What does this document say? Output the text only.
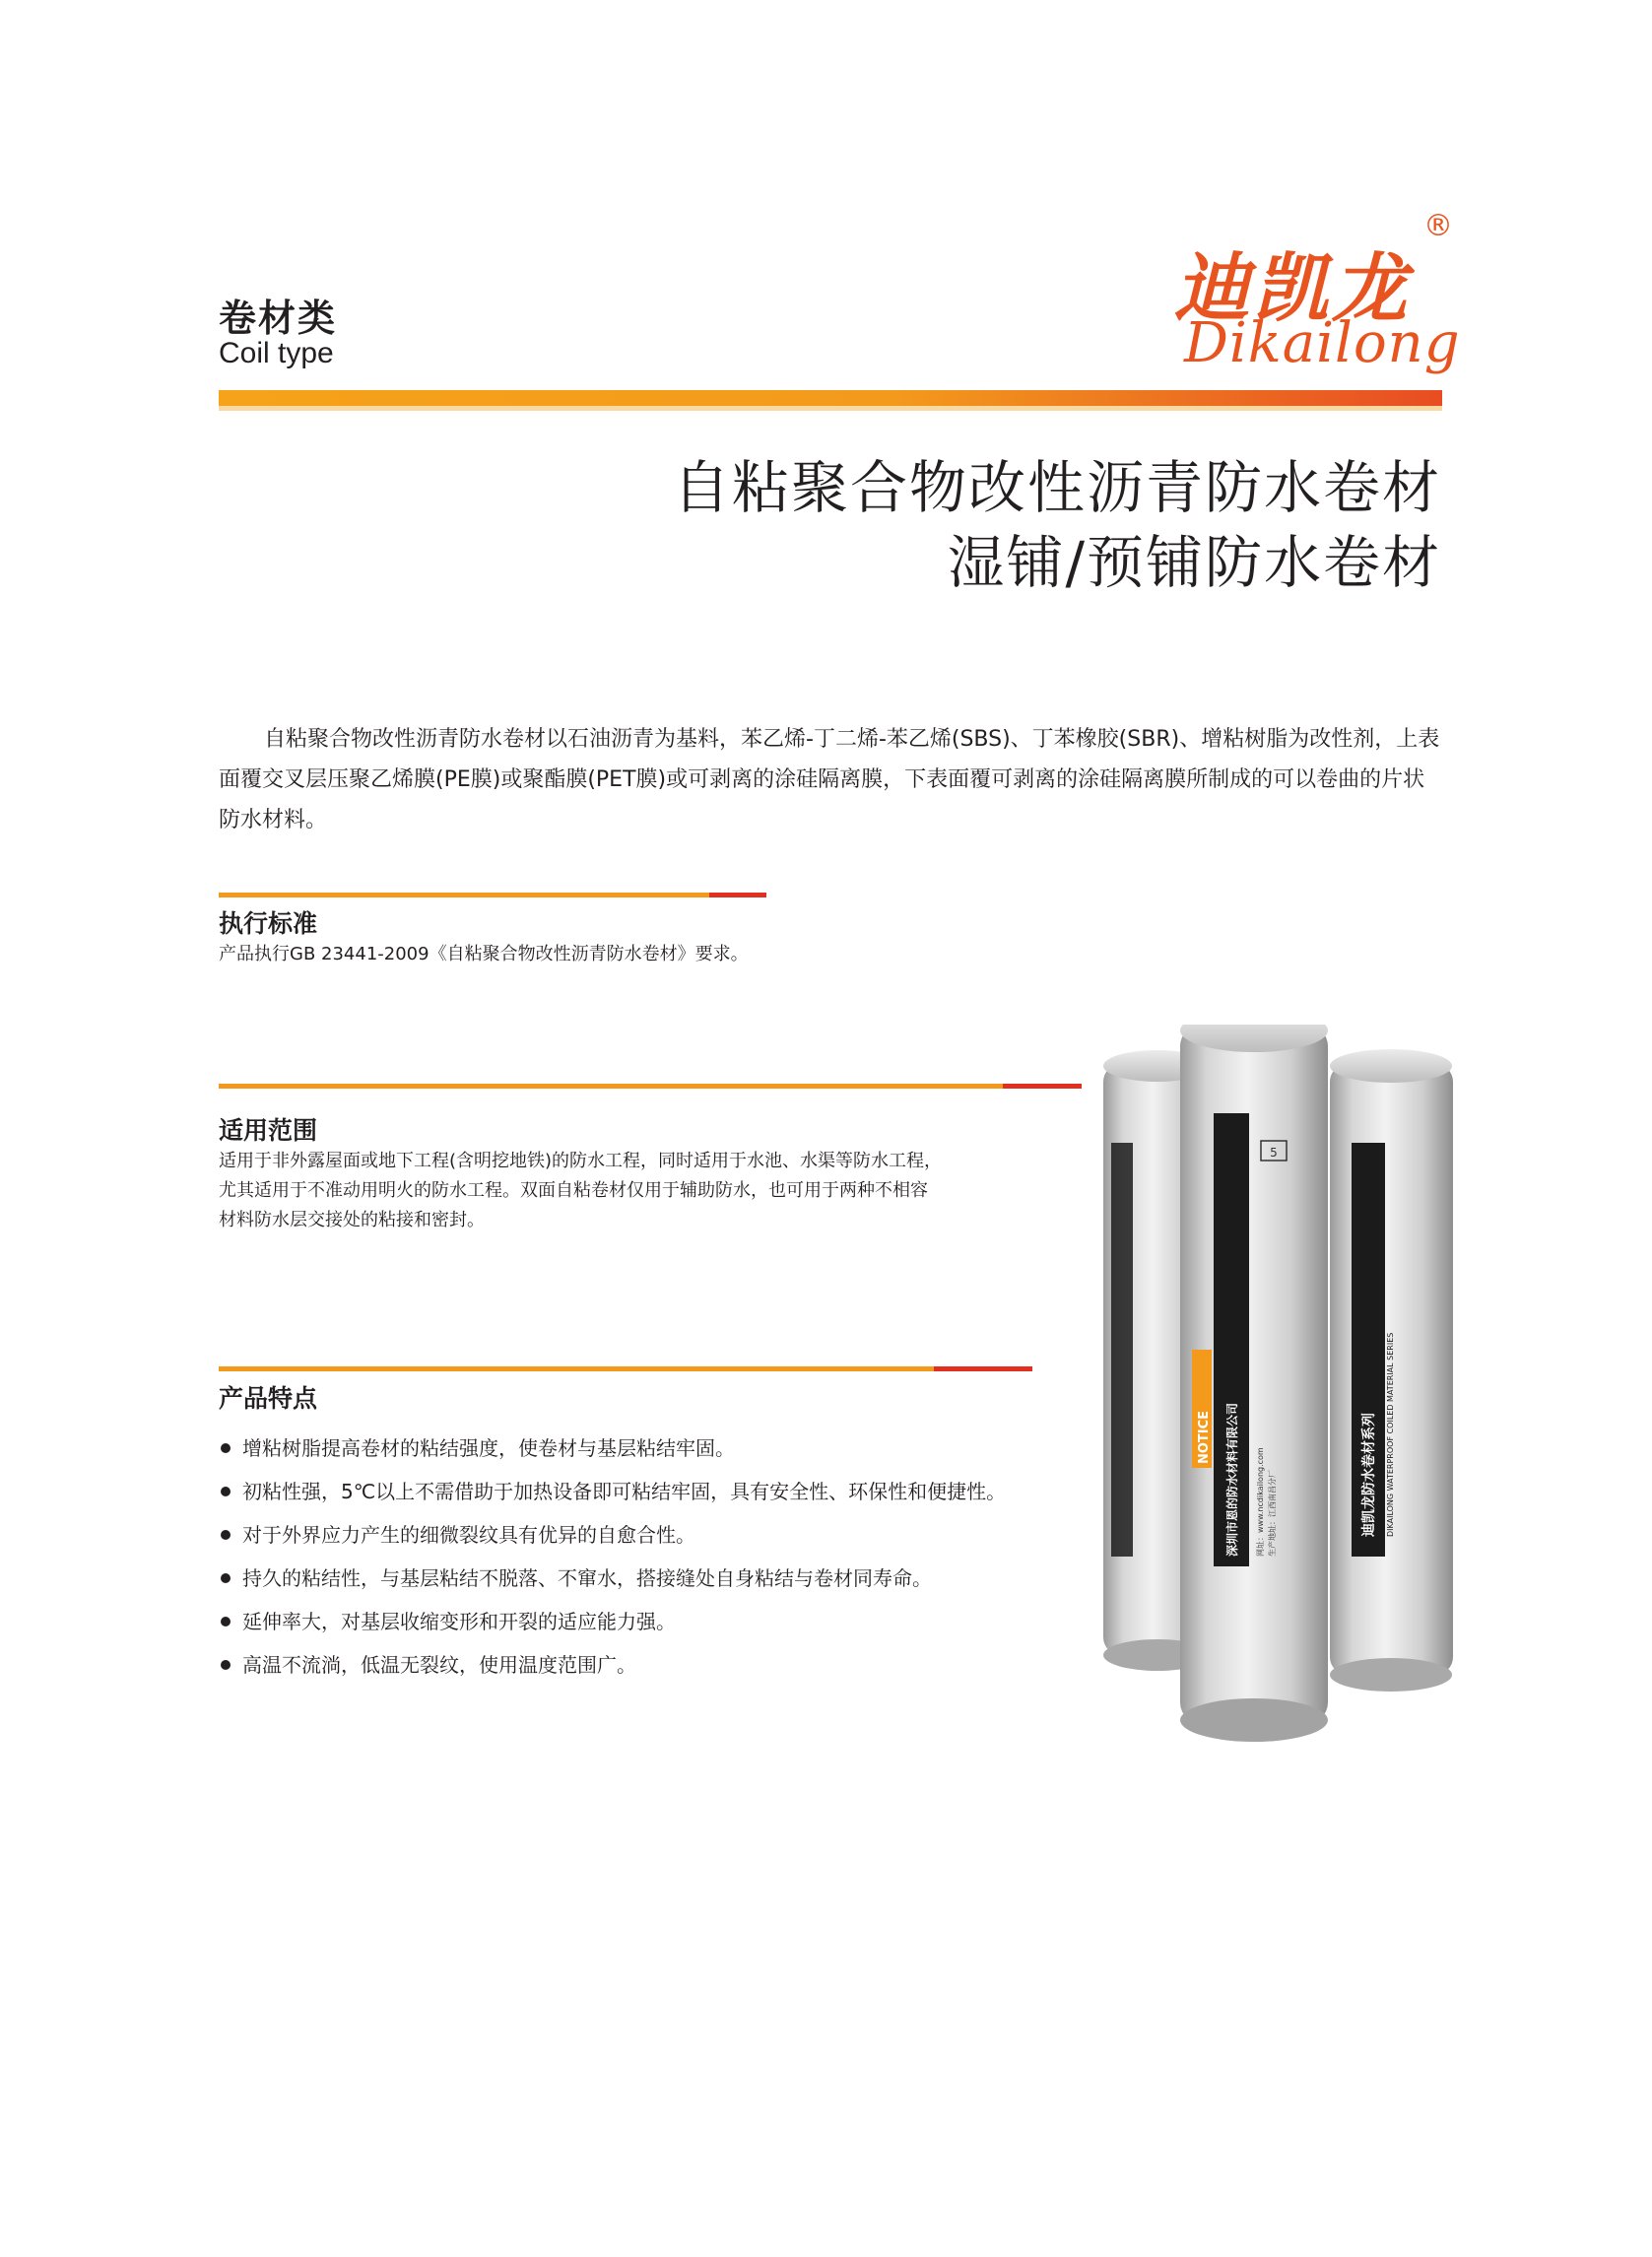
卷材类
Coil type
迪凯龙
®
Dikailong
自粘聚合物改性沥青防水卷材
湿铺/预铺防水卷材
自粘聚合物改性沥青防水卷材以石油沥青为基料，苯乙烯-丁二烯-苯乙烯(SBS)、丁苯橡胶(SBR)、增粘树脂为改性剂，上表面覆交叉层压聚乙烯膜(PE膜)或聚酯膜(PET膜)或可剥离的涂硅隔离膜，下表面覆可剥离的涂硅隔离膜所制成的可以卷曲的片状防水材料。
执行标准
产品执行GB 23441-2009《自粘聚合物改性沥青防水卷材》要求。
适用范围
适用于非外露屋面或地下工程(含明挖地铁)的防水工程，同时适用于水池、水渠等防水工程，
尤其适用于不准动用明火的防水工程。双面自粘卷材仅用于辅助防水，也可用于两种不相容
材料防水层交接处的粘接和密封。
产品特点
增粘树脂提高卷材的粘结强度，使卷材与基层粘结牢固。
初粘性强，5℃以上不需借助于加热设备即可粘结牢固，具有安全性、环保性和便捷性。
对于外界应力产生的细微裂纹具有优异的自愈合性。
持久的粘结性，与基层粘结不脱落、不窜水，搭接缝处自身粘结与卷材同寿命。
延伸率大，对基层收缩变形和开裂的适应能力强。
高温不流淌，低温无裂纹，使用温度范围广。
迪凯龙防水卷材系列 DIKAILONG WATERPROOF COILED MATERIAL SERIES
NOTICE 深圳市恩的防水材料有限公司 网址：www.ncdikailong.com 生产地址：江西南昌分厂
5
